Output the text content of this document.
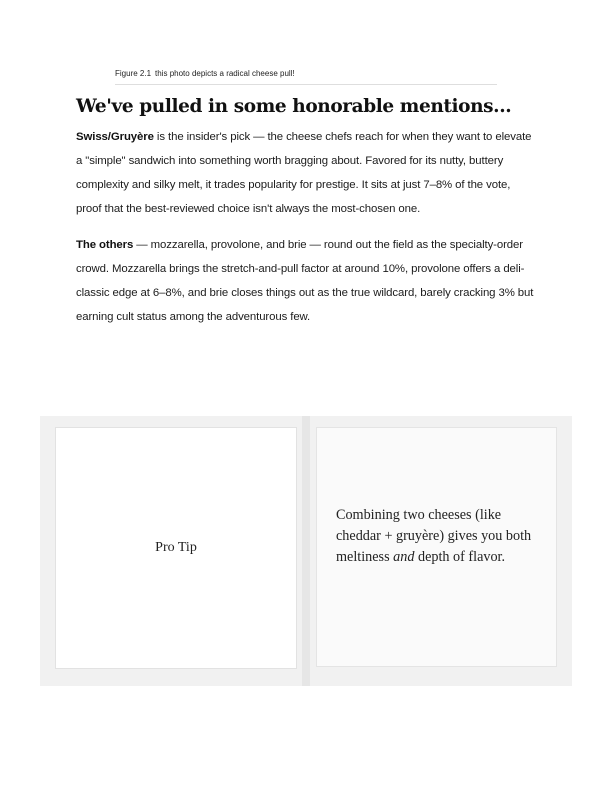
Figure 2.1 this photo depicts a radical cheese pull!
We've pulled in some honorable mentions...

Swiss/Gruyère is the insider's pick — the cheese chefs reach for when they want to elevate a "simple" sandwich into something worth bragging about. Favored for its nutty, buttery complexity and silky melt, it trades popularity for prestige. It sits at just 7–8% of the vote, proof that the best-reviewed choice isn't always the most-chosen one.

The others — mozzarella, provolone, and brie — round out the field as the specialty-order crowd. Mozzarella brings the stretch-and-pull factor at around 10%, provolone offers a deli-classic edge at 6–8%, and brie closes things out as the true wildcard, barely cracking 3% but earning cult status among the adventurous few.

Pro Tip

Combining two cheeses (like cheddar + gruyère) gives you both meltiness and depth of flavor.
